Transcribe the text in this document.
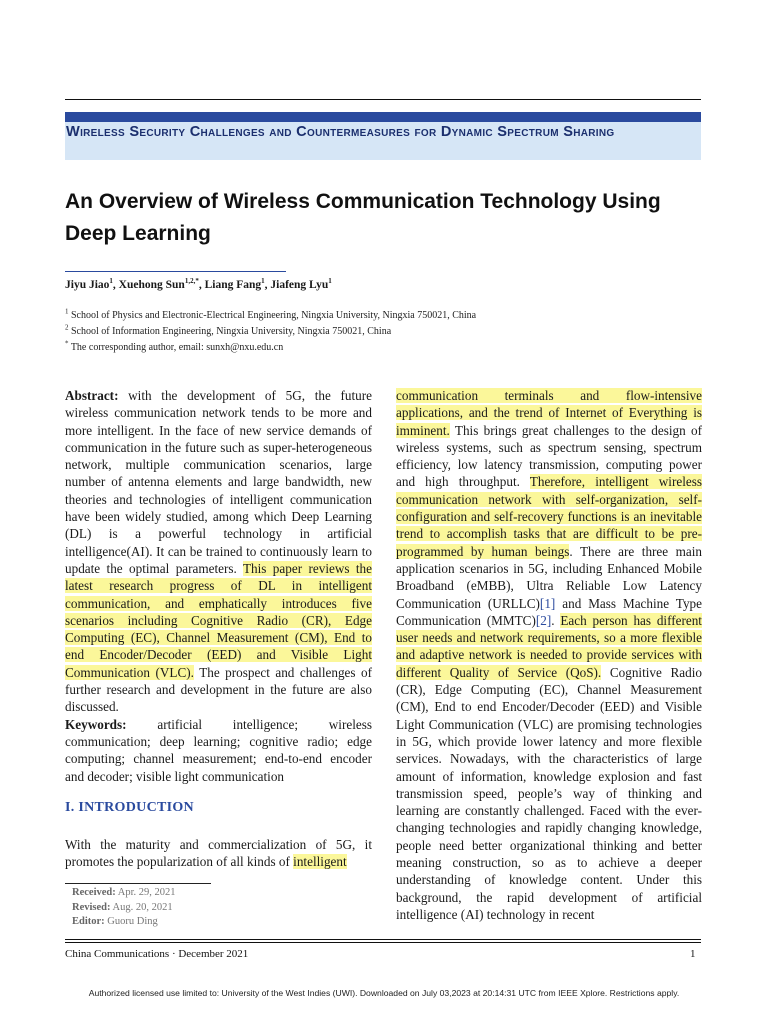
Wireless Security Challenges and Countermeasures for Dynamic Spectrum Sharing
An Overview of Wireless Communication Technology Using Deep Learning
Jiyu Jiao$^1$, Xuehong Sun$^{1,2,*}$, Liang Fang$^1$, Jiafeng Lyu$^1$
$^1$ School of Physics and Electronic-Electrical Engineering, Ningxia University, Ningxia 750021, China
$^2$ School of Information Engineering, Ningxia University, Ningxia 750021, China
* The corresponding author, email: sunxh@nxu.edu.cn

Abstract: with the development of 5G, the future wireless communication network tends to be more and more intelligent. In the face of new service demands of communication in the future such as super-heterogeneous network, multiple communication scenarios, large number of antenna elements and large bandwidth, new theories and technologies of intelligent communication have been widely studied, among which Deep Learning (DL) is a powerful technology in artificial intelligence(AI). It can be trained to continuously learn to update the optimal parameters. This paper reviews the latest research progress of DL in intelligent communication, and emphatically introduces five scenarios including Cognitive Radio (CR), Edge Computing (EC), Channel Measurement (CM), End to end Encoder/Decoder (EED) and Visible Light Communication (VLC). The prospect and challenges of further research and development in the future are also discussed.

Keywords: artificial intelligence; wireless communication; deep learning; cognitive radio; edge computing; channel measurement; end-to-end encoder and decoder; visible light communication

I. INTRODUCTION
With the maturity and commercialization of 5G, it promotes the popularization of all kinds of intelligent
Received: Apr. 29, 2021
Revised: Aug. 20, 2021
Editor: Guoru Ding

communication terminals and flow-intensive applications, and the trend of Internet of Everything is imminent. This brings great challenges to the design of wireless systems, such as spectrum sensing, spectrum efficiency, low latency transmission, computing power and high throughput. Therefore, intelligent wireless communication network with self-organization, self-configuration and self-recovery functions is an inevitable trend to accomplish tasks that are difficult to be pre-programmed by human beings. There are three main application scenarios in 5G, including Enhanced Mobile Broadband (eMBB), Ultra Reliable Low Latency Communication (URLLC)[1] and Mass Machine Type Communication (MMTC)[2]. Each person has different user needs and network requirements, so a more flexible and adaptive network is needed to provide services with different Quality of Service (QoS). Cognitive Radio (CR), Edge Computing (EC), Channel Measurement (CM), End to end Encoder/Decoder (EED) and Visible Light Communication (VLC) are promising technologies in 5G, which provide lower latency and more flexible services. Nowadays, with the characteristics of large amount of information, knowledge explosion and fast transmission speed, people’s way of thinking and learning are constantly challenged. Faced with the ever-changing technologies and rapidly changing knowledge, people need better organizational thinking and better meaning construction, so as to achieve a deeper understanding of knowledge content. Under this background, the rapid development of artificial intelligence (AI) technology in recent

China Communications · December 2021	1
Authorized licensed use limited to: University of the West Indies (UWI). Downloaded on July 03,2023 at 20:14:31 UTC from IEEE Xplore. Restrictions apply.
